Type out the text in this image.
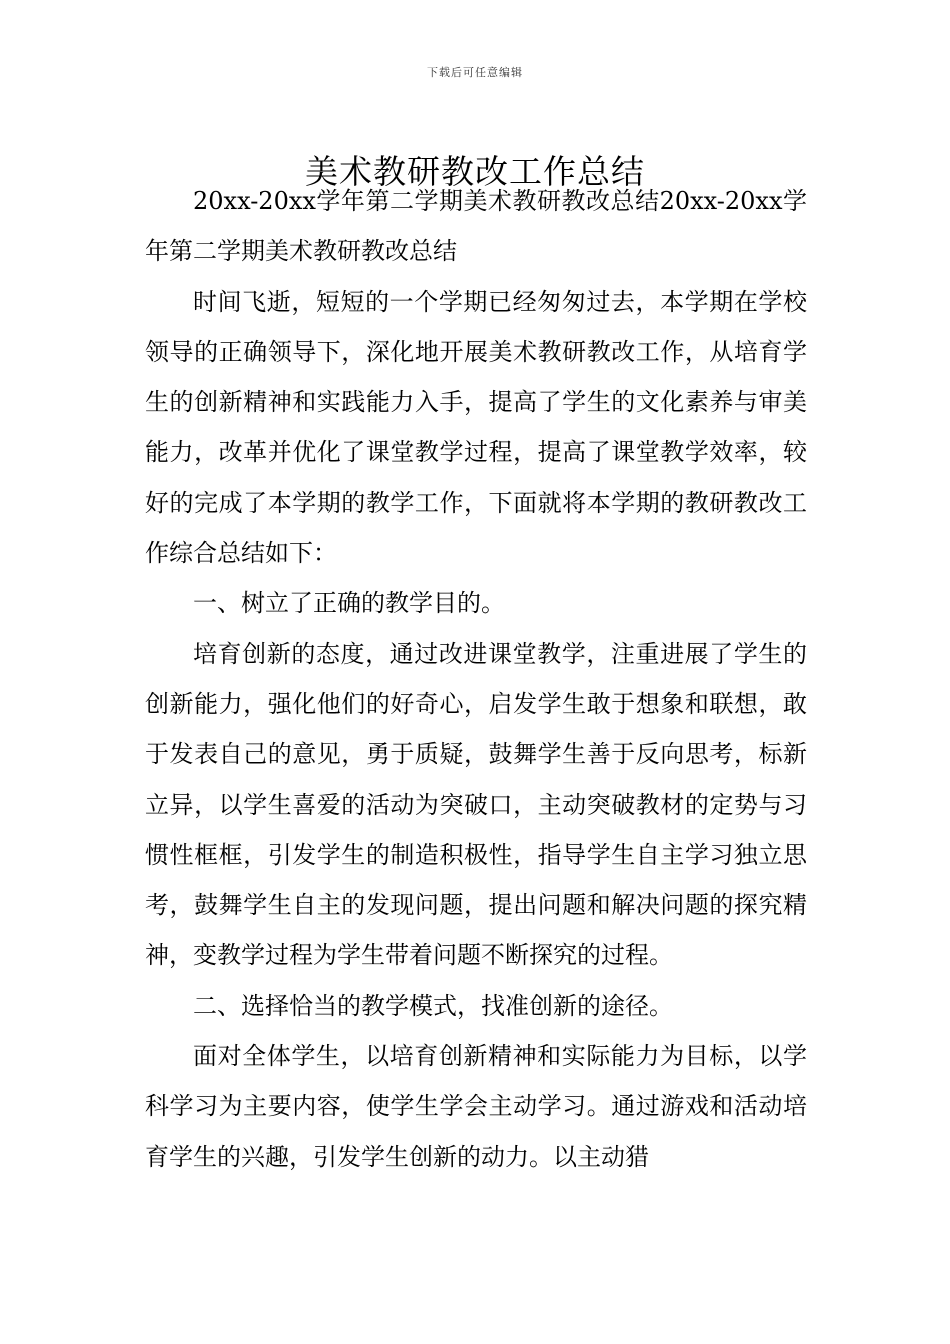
下载后可任意编辑
美术教研教改工作总结

20xx-20xx学年第二学期美术教研教改总结20xx-20xx学年第二学期美术教研教改总结

时间飞逝，短短的一个学期已经匆匆过去，本学期在学校领导的正确领导下，深化地开展美术教研教改工作，从培育学生的创新精神和实践能力入手，提高了学生的文化素养与审美能力，改革并优化了课堂教学过程，提高了课堂教学效率，较好的完成了本学期的教学工作，下面就将本学期的教研教改工作综合总结如下：

一、树立了正确的教学目的。

培育创新的态度，通过改进课堂教学，注重进展了学生的创新能力，强化他们的好奇心，启发学生敢于想象和联想，敢于发表自己的意见，勇于质疑，鼓舞学生善于反向思考，标新立异，以学生喜爱的活动为突破口，主动突破教材的定势与习惯性框框，引发学生的制造积极性，指导学生自主学习独立思考，鼓舞学生自主的发现问题，提出问题和解决问题的探究精神，变教学过程为学生带着问题不断探究的过程。

二、选择恰当的教学模式，找准创新的途径。

面对全体学生，以培育创新精神和实际能力为目标，以学科学习为主要内容，使学生学会主动学习。通过游戏和活动培育学生的兴趣，引发学生创新的动力。以主动猎
